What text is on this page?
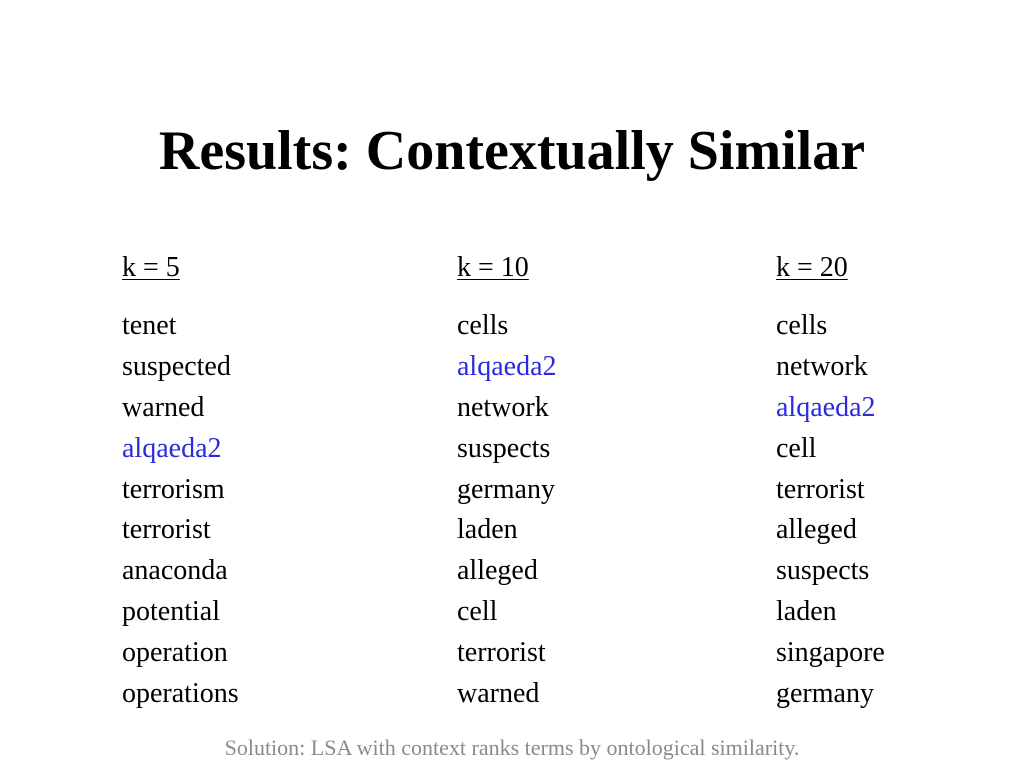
Results: Contextually Similar
k = 5
tenet
suspected
warned
alqaeda2
terrorism
terrorist
anaconda
potential
operation
operations
k = 10
cells
alqaeda2
network
suspects
germany
laden
alleged
cell
terrorist
warned
k = 20
cells
network
alqaeda2
cell
terrorist
alleged
suspects
laden
singapore
germany
Solution: LSA with context ranks terms by ontological similarity.
